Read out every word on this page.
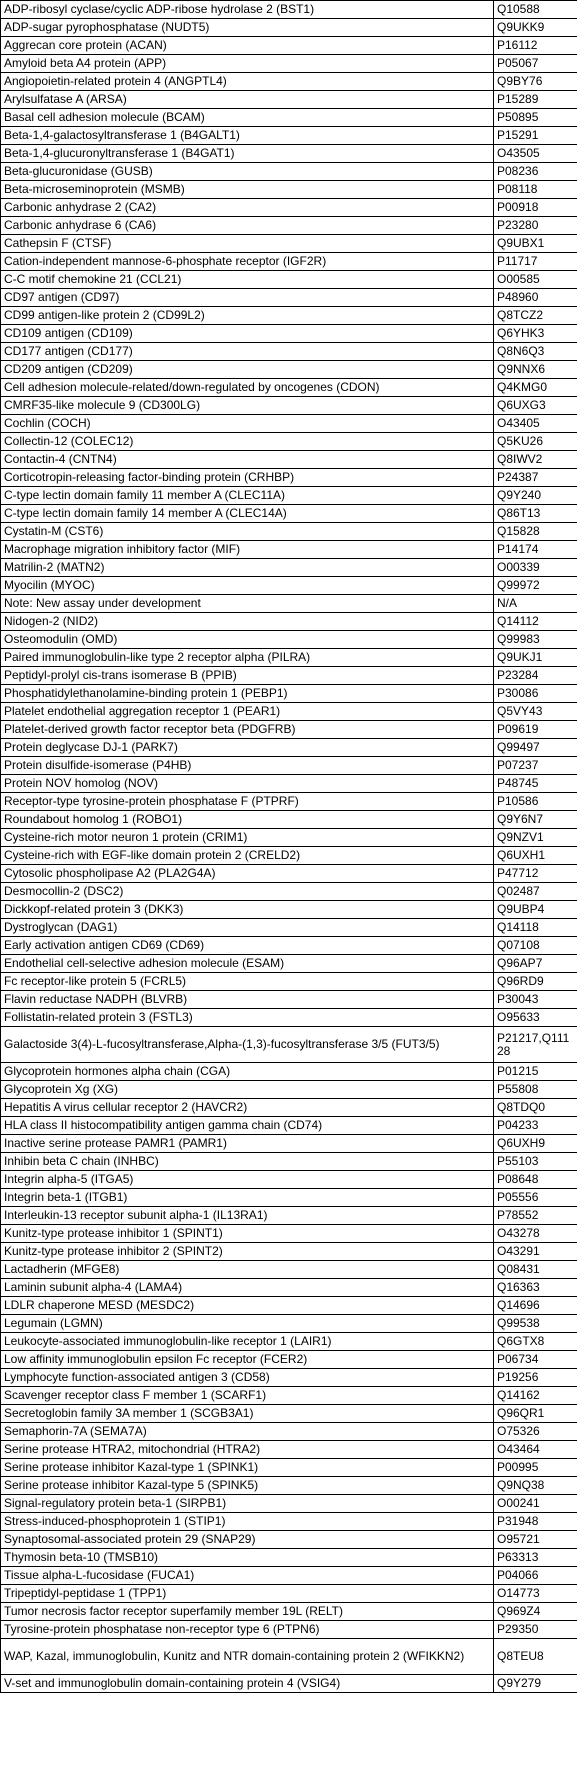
ADP-ribosyl cyclase/cyclic ADP-ribose hydrolase 2 (BST1)	Q10588
ADP-sugar pyrophosphatase (NUDT5)	Q9UKK9
Aggrecan core protein (ACAN)	P16112
Amyloid beta A4 protein (APP)	P05067
Angiopoietin-related protein 4 (ANGPTL4)	Q9BY76
Arylsulfatase A (ARSA)	P15289
Basal cell adhesion molecule (BCAM)	P50895
Beta-1,4-galactosyltransferase 1 (B4GALT1)	P15291
Beta-1,4-glucuronyltransferase 1 (B4GAT1)	O43505
Beta-glucuronidase (GUSB)	P08236
Beta-microseminoprotein (MSMB)	P08118
Carbonic anhydrase 2 (CA2)	P00918
Carbonic anhydrase 6 (CA6)	P23280
Cathepsin F (CTSF)	Q9UBX1
Cation-independent mannose-6-phosphate receptor (IGF2R)	P11717
C-C motif chemokine 21 (CCL21)	O00585
CD97 antigen (CD97)	P48960
CD99 antigen-like protein 2 (CD99L2)	Q8TCZ2
CD109 antigen (CD109)	Q6YHK3
CD177 antigen (CD177)	Q8N6Q3
CD209 antigen (CD209)	Q9NNX6
Cell adhesion molecule-related/down-regulated by oncogenes (CDON)	Q4KMG0
CMRF35-like molecule 9 (CD300LG)	Q6UXG3
Cochlin (COCH)	O43405
Collectin-12 (COLEC12)	Q5KU26
Contactin-4 (CNTN4)	Q8IWV2
Corticotropin-releasing factor-binding protein (CRHBP)	P24387
C-type lectin domain family 11 member A (CLEC11A)	Q9Y240
C-type lectin domain family 14 member A (CLEC14A)	Q86T13
Cystatin-M (CST6)	Q15828
Macrophage migration inhibitory factor (MIF)	P14174
Matrilin-2 (MATN2)	O00339
Myocilin (MYOC)	Q99972
Note: New assay under development	N/A
Nidogen-2 (NID2)	Q14112
Osteomodulin (OMD)	Q99983
Paired immunoglobulin-like type 2 receptor alpha (PILRA)	Q9UKJ1
Peptidyl-prolyl cis-trans isomerase B (PPIB)	P23284
Phosphatidylethanolamine-binding protein 1 (PEBP1)	P30086
Platelet endothelial aggregation receptor 1 (PEAR1)	Q5VY43
Platelet-derived growth factor receptor beta (PDGFRB)	P09619
Protein deglycase DJ-1 (PARK7)	Q99497
Protein disulfide-isomerase (P4HB)	P07237
Protein NOV homolog (NOV)	P48745
Receptor-type tyrosine-protein phosphatase F (PTPRF)	P10586
Roundabout homolog 1 (ROBO1)	Q9Y6N7
Cysteine-rich motor neuron 1 protein (CRIM1)	Q9NZV1
Cysteine-rich with EGF-like domain protein 2 (CRELD2)	Q6UXH1
Cytosolic phospholipase A2 (PLA2G4A)	P47712
Desmocollin-2 (DSC2)	Q02487
Dickkopf-related protein 3 (DKK3)	Q9UBP4
Dystroglycan (DAG1)	Q14118
Early activation antigen CD69 (CD69)	Q07108
Endothelial cell-selective adhesion molecule (ESAM)	Q96AP7
Fc receptor-like protein 5 (FCRL5)	Q96RD9
Flavin reductase NADPH (BLVRB)	P30043
Follistatin-related protein 3 (FSTL3)	O95633
Galactoside 3(4)-L-fucosyltransferase,Alpha-(1,3)-fucosyltransferase 3/5 (FUT3/5)	P21217,Q11128
Glycoprotein hormones alpha chain (CGA)	P01215
Glycoprotein Xg (XG)	P55808
Hepatitis A virus cellular receptor 2 (HAVCR2)	Q8TDQ0
HLA class II histocompatibility antigen gamma chain (CD74)	P04233
Inactive serine protease PAMR1 (PAMR1)	Q6UXH9
Inhibin beta C chain (INHBC)	P55103
Integrin alpha-5 (ITGA5)	P08648
Integrin beta-1 (ITGB1)	P05556
Interleukin-13 receptor subunit alpha-1 (IL13RA1)	P78552
Kunitz-type protease inhibitor 1 (SPINT1)	O43278
Kunitz-type protease inhibitor 2 (SPINT2)	O43291
Lactadherin (MFGE8)	Q08431
Laminin subunit alpha-4 (LAMA4)	Q16363
LDLR chaperone MESD (MESDC2)	Q14696
Legumain (LGMN)	Q99538
Leukocyte-associated immunoglobulin-like receptor 1 (LAIR1)	Q6GTX8
Low affinity immunoglobulin epsilon Fc receptor (FCER2)	P06734
Lymphocyte function-associated antigen 3 (CD58)	P19256
Scavenger receptor class F member 1 (SCARF1)	Q14162
Secretoglobin family 3A member 1 (SCGB3A1)	Q96QR1
Semaphorin-7A (SEMA7A)	O75326
Serine protease HTRA2, mitochondrial (HTRA2)	O43464
Serine protease inhibitor Kazal-type 1 (SPINK1)	P00995
Serine protease inhibitor Kazal-type 5 (SPINK5)	Q9NQ38
Signal-regulatory protein beta-1 (SIRPB1)	O00241
Stress-induced-phosphoprotein 1 (STIP1)	P31948
Synaptosomal-associated protein 29 (SNAP29)	O95721
Thymosin beta-10 (TMSB10)	P63313
Tissue alpha-L-fucosidase (FUCA1)	P04066
Tripeptidyl-peptidase 1 (TPP1)	O14773
Tumor necrosis factor receptor superfamily member 19L (RELT)	Q969Z4
Tyrosine-protein phosphatase non-receptor type 6 (PTPN6)	P29350
WAP, Kazal, immunoglobulin, Kunitz and NTR domain-containing protein 2 (WFIKKN2)	Q8TEU8
V-set and immunoglobulin domain-containing protein 4 (VSIG4)	Q9Y279
